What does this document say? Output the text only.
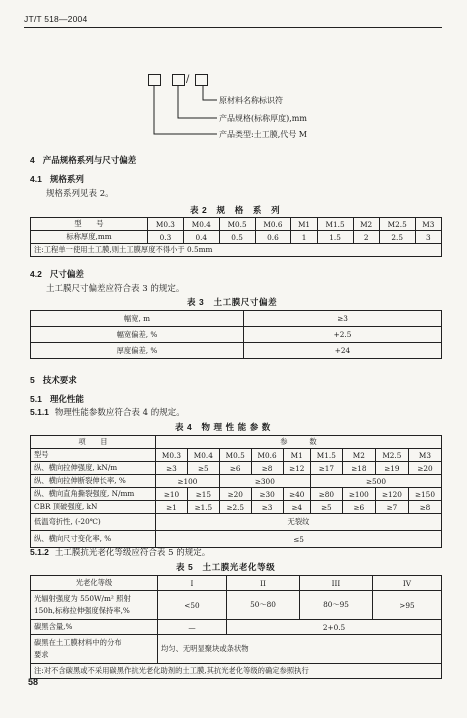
JT/T 518—2004
/
原材料名称标识符
产品规格(标称厚度),mm
产品类型:土工膜,代号 M
4 产品规格系列与尺寸偏差
4.1 规格系列
规格系列见表 2。
表 2　规　格　系　列
型　　号	M0.3	M0.4	M0.5	M0.6	M1	M1.5	M2	M2.5	M3
标称厚度,mm	0.3	0.4	0.5	0.6	1	1.5	2	2.5	3
注:工程单一使用土工膜,则土工膜厚度不得小于 0.5mm									
4.2 尺寸偏差
土工膜尺寸偏差应符合表 3 的规定。
表 3　土工膜尺寸偏差
幅宽, m	≥3
幅宽偏差, %	+2.5
厚度偏差, %	+24
5 技术要求
5.1 理化性能
5.1.1 物理性能参数应符合表 4 的规定。
表 4　物 理 性 能 参 数
项　　目	参　　　数								
型号	M0.3	M0.4	M0.5	M0.6	M1	M1.5	M2	M2.5	M3
纵、横向拉伸强度, kN/m	≥3	≥5	≥6	≥8	≥12	≥17	≥18	≥19	≥20
纵、横向拉伸断裂伸长率, %	≥100		≥300			≥500			
纵、横向直角撕裂强度, N/mm	≥10	≥15	≥20	≥30	≥40	≥80	≥100	≥120	≥150
CBR 顶破强度, kN	≥1	≥1.5	≥2.5	≥3	≥4	≥5	≥6	≥7	≥8
低温弯折性, (-20℃)	无裂纹								
纵、横向尺寸变化率, %	≤5								
5.1.2 土工膜抗光老化等级应符合表 5 的规定。
表 5　土工膜光老化等级
光老化等级	I	II	III	IV

光辐射强度为 550W/m² 照射
150h,标称拉伸强度保持率,%	<50	50～80	80～95	>95
碳黑含量,%	—	2+0.5		

碳黑在土工膜材料中的分布
要求	均匀、无明显聚块或条状物			
注:对不含碳黑或不采用碳黑作抗光老化助剂的土工膜,其抗光老化等级的确定参照执行				
58
